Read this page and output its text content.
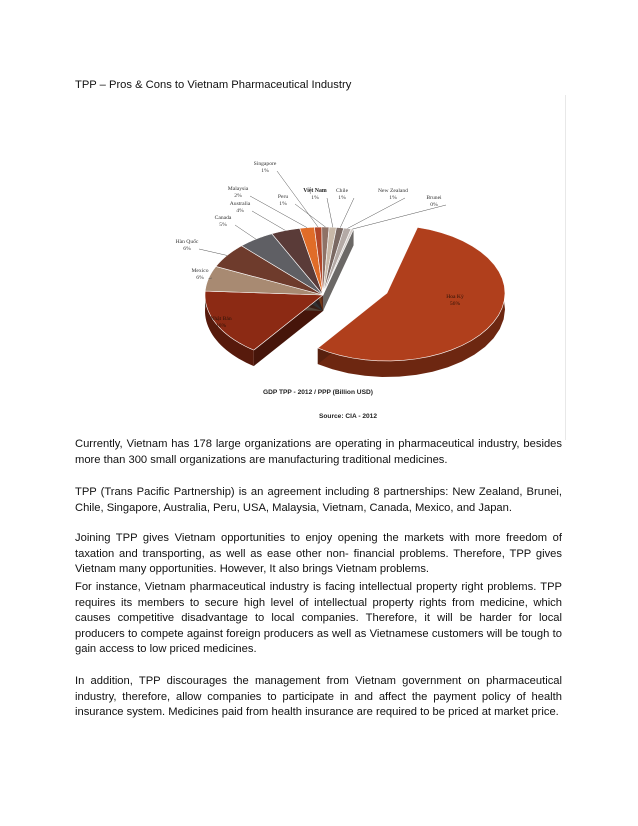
TPP – Pros & Cons to Vietnam Pharmaceutical Industry
Hoa Kỳ
56%
Nhật Bản
16%
Mexico
6%
Hàn Quốc
6%
Canada
5%
Australia
4%
Malaysia
2%
Singapore
1%
Peru
1%
Việt Nam
1%
Chile
1%
New Zealand
1%	Brunei
0%
GDP TPP - 2012 / PPP (Billion USD)
Source: CIA - 2012

Currently, Vietnam has 178 large organizations are operating in pharmaceutical industry, besides more than 300 small organizations are manufacturing traditional medicines.

TPP (Trans Pacific Partnership) is an agreement including 8 partnerships: New Zealand, Brunei, Chile, Singapore, Australia, Peru, USA, Malaysia, Vietnam, Canada, Mexico, and Japan.

Joining TPP gives Vietnam opportunities to enjoy opening the markets with more freedom of taxation and transporting, as well as ease other non- financial problems. Therefore, TPP gives Vietnam many opportunities. However, It also brings Vietnam problems.

For instance, Vietnam pharmaceutical industry is facing intellectual property right problems. TPP requires its members to secure high level of intellectual property rights from medicine, which causes competitive disadvantage to local companies. Therefore, it will be harder for local producers to compete against foreign producers as well as Vietnamese customers will be tough to gain access to low priced medicines.

In addition, TPP discourages the management from Vietnam government on pharmaceutical industry, therefore, allow companies to participate in and affect the payment policy of health insurance system. Medicines paid from health insurance are required to be priced at market price.
